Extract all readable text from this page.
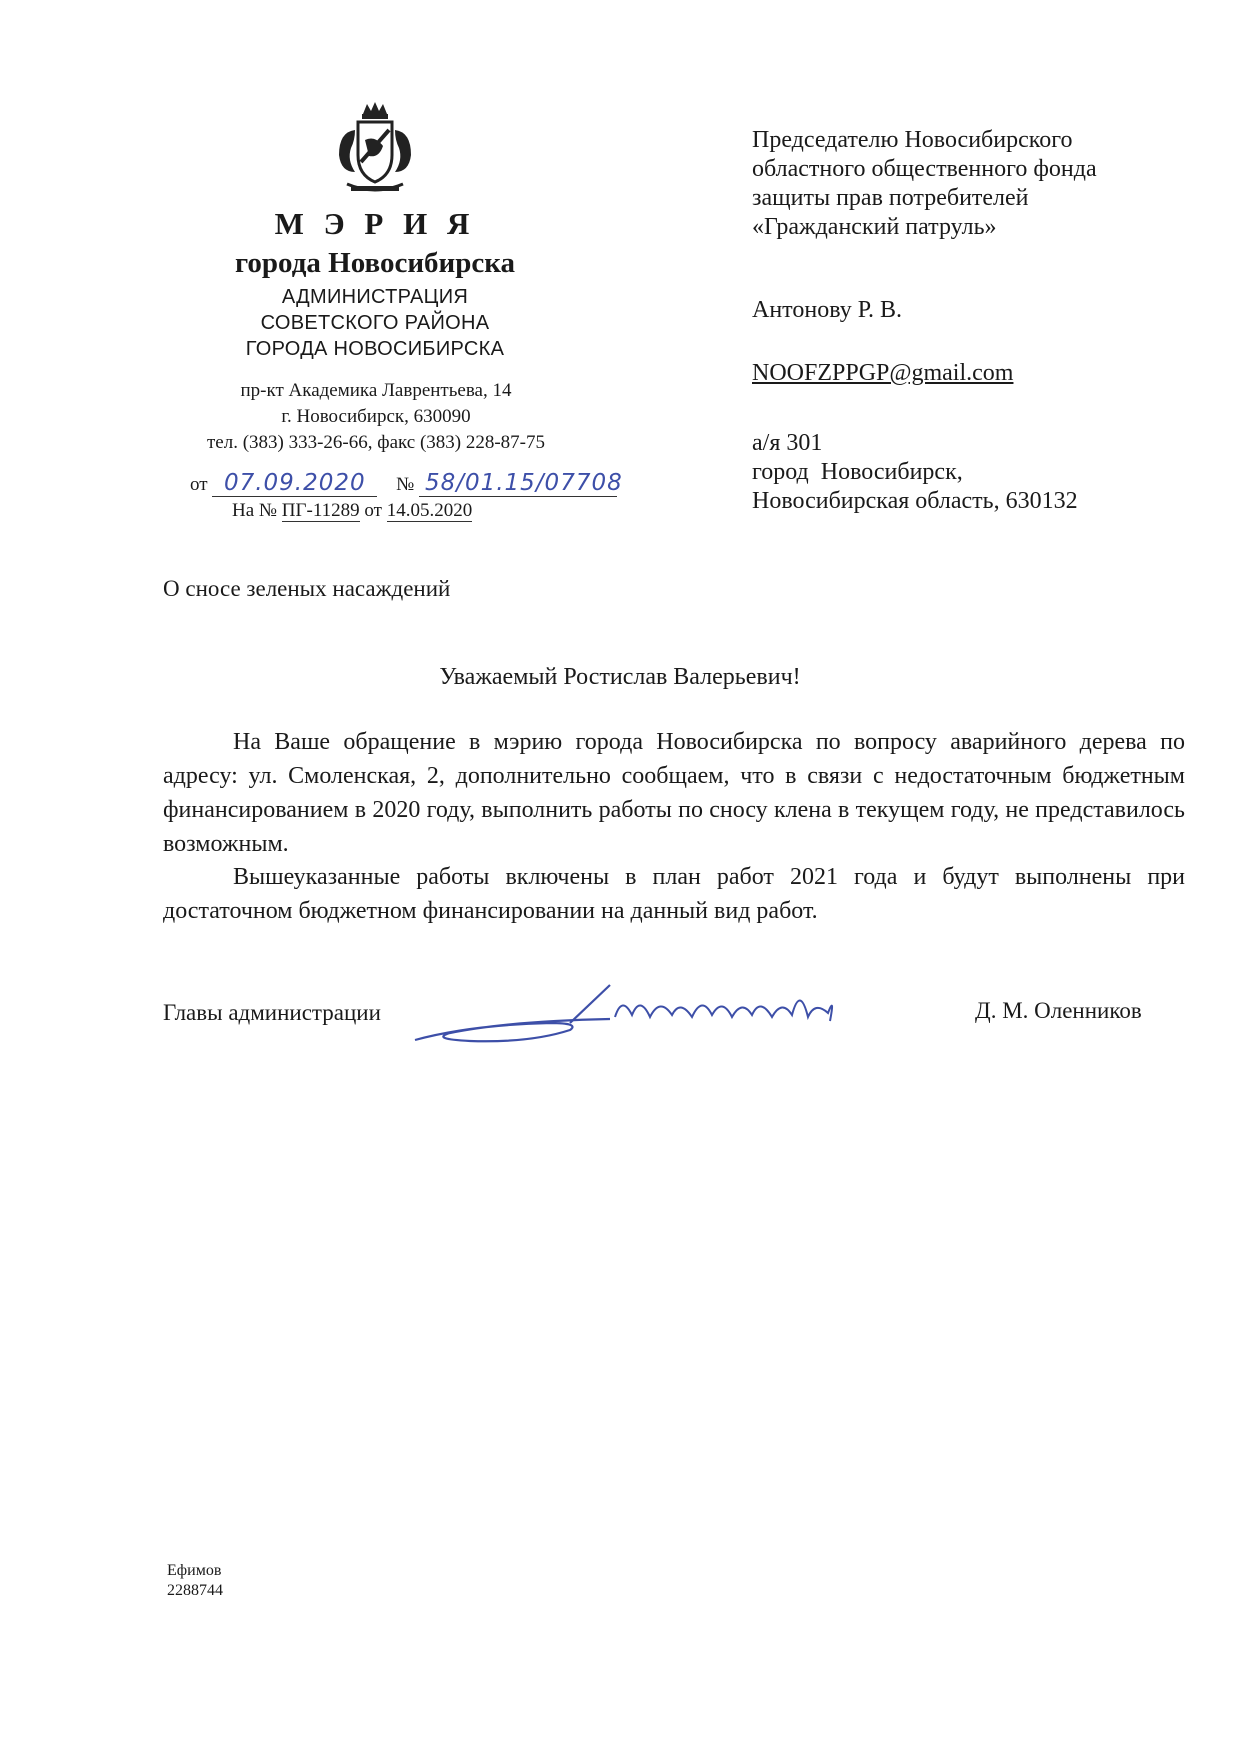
М Э Р И Я
города Новосибирска
АДМИНИСТРАЦИЯ
СОВЕТСКОГО РАЙОНА
ГОРОДА НОВОСИБИРСКА
пр-кт Академика Лаврентьева, 14
г. Новосибирск, 630090
тел. (383) 333-26-66, факс (383) 228-87-75
от 07.09.2020 № 58/01.15/07708
На № ПГ-11289 от 14.05.2020
Председателю Новосибирского
областного общественного фонда
защиты прав потребителей
«Гражданский патруль»
Антонову Р. В.
NOOFZPPGP@gmail.com
а/я 301
город  Новосибирск,
Новосибирская область, 630132
О сносе зеленых насаждений
Уважаемый Ростислав Валерьевич!
На Ваше обращение в мэрию города Новосибирска по вопросу аварийного дерева по адресу: ул. Смоленская, 2, дополнительно сообщаем, что в связи с недостаточным бюджетным финансированием в 2020 году, выполнить работы по сносу клена в текущем году, не представилось возможным.
Вышеуказанные работы включены в план работ 2021 года и будут выполнены при достаточном бюджетном финансировании на данный вид работ.
Главы администрации	Д. М. Оленников
Ефимов
2288744
